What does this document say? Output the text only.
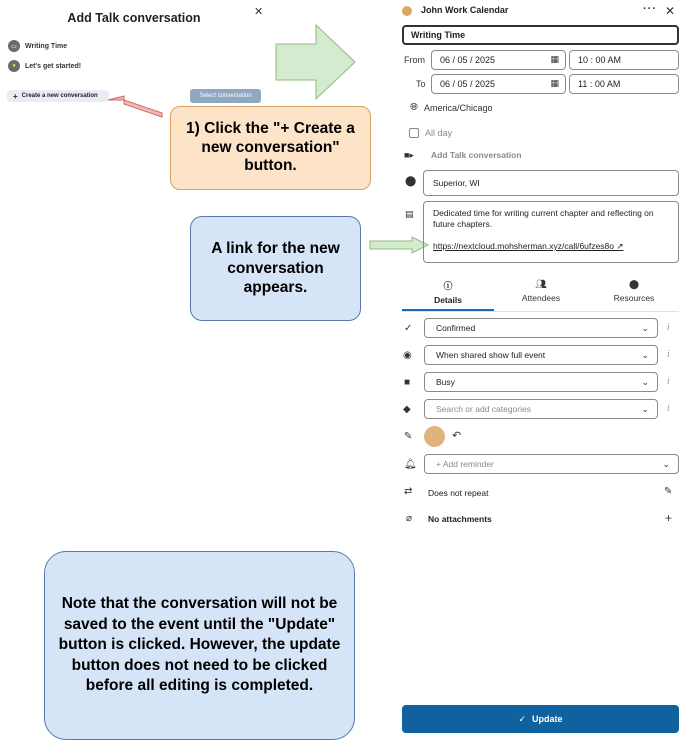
Add Talk conversation	✕
▭	Writing Time
●	Let's get started!
+ Create a new conversation	Select conversation
1) Click the "+ Create a new conversation" button.
A link for the new conversation appears.
Note that the conversation will not be saved to the event until the "Update" button is clicked. However, the update button does not need to be clicked before all editing is completed.
John Work Calendar	··· ✕
Writing Time
From 06 / 05 / 2025	▦	10 : 00 AM
To 06 / 05 / 2025	▦	11 : 00 AM
🌐︎ America/Chicago
All day
■▸ Add Talk conversation
⬤	Superior, WI
▤	Dedicated time for writing current chapter and reflecting on future chapters.
https://nextcloud.mohsherman.xyz/call/6ufzes8o ↗
ⓘ
Details
👥︎
Attendees
⬤
Resources
✓	Confirmed	⌄ i
◉	When shared show full event	⌄ i
■	Busy	⌄ i
◆	Search or add categories	⌄ i
✎	↶
🔔︎ + Add reminder	⌄
⇄ Does not repeat	✎
⌀ No attachments	+
✓ Update
